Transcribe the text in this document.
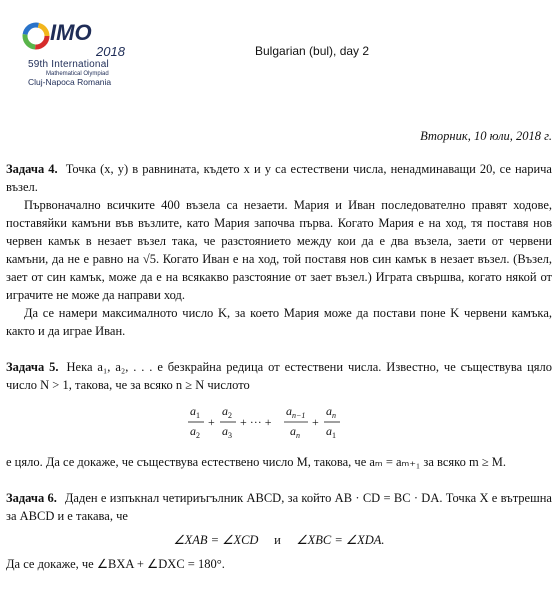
IMO
2018
59th International
Mathematical Olympiad
Cluj-Napoca Romania
Bulgarian (bul), day 2
Вторник, 10 юли, 2018 г.

Задача 4. Точка (x, y) в равнината, където x и y са естествени числа, ненадминаващи 20, се нарича възел.

Първоначално всичките 400 възела са незаети. Мария и Иван последователно правят ходове, поставяйки камъни във възлите, като Мария започва първа. Когато Мария е на ход, тя поставя нов червен камък в незает възел така, че разстоянието между кои да е два възела, заети от червени камъни, да не е равно на √5. Когато Иван е на ход, той поставя нов син камък в незает възел. (Възел, зает от син камък, може да е на всякакво разстояние от зает възел.) Играта свършва, когато някой от играчите не може да направи ход.

Да се намери максималното число K, за което Мария може да постави поне K червени камъка, както и да играе Иван.

Задача 5. Нека a₁, a₂, . . . е безкрайна редица от естествени числа. Известно, че съществува цяло число N > 1, такова, че за всяко n ≥ N числото

a 1
a 2
+
a 2
a 3
+ ··· +
a n−1
a n
+
a n
a 1

е цяло. Да се докаже, че съществува естествено число M, такова, че aₘ = aₘ₊₁ за всяко m ≥ M.

Задача 6. Даден е изпъкнал четириъгълник ABCD, за който AB · CD = BC · DA. Точка X е вътрешна за ABCD и е такава, че

∠XAB = ∠XCD и ∠XBC = ∠XDA.

Да се докаже, че ∠BXA + ∠DXC = 180°.
